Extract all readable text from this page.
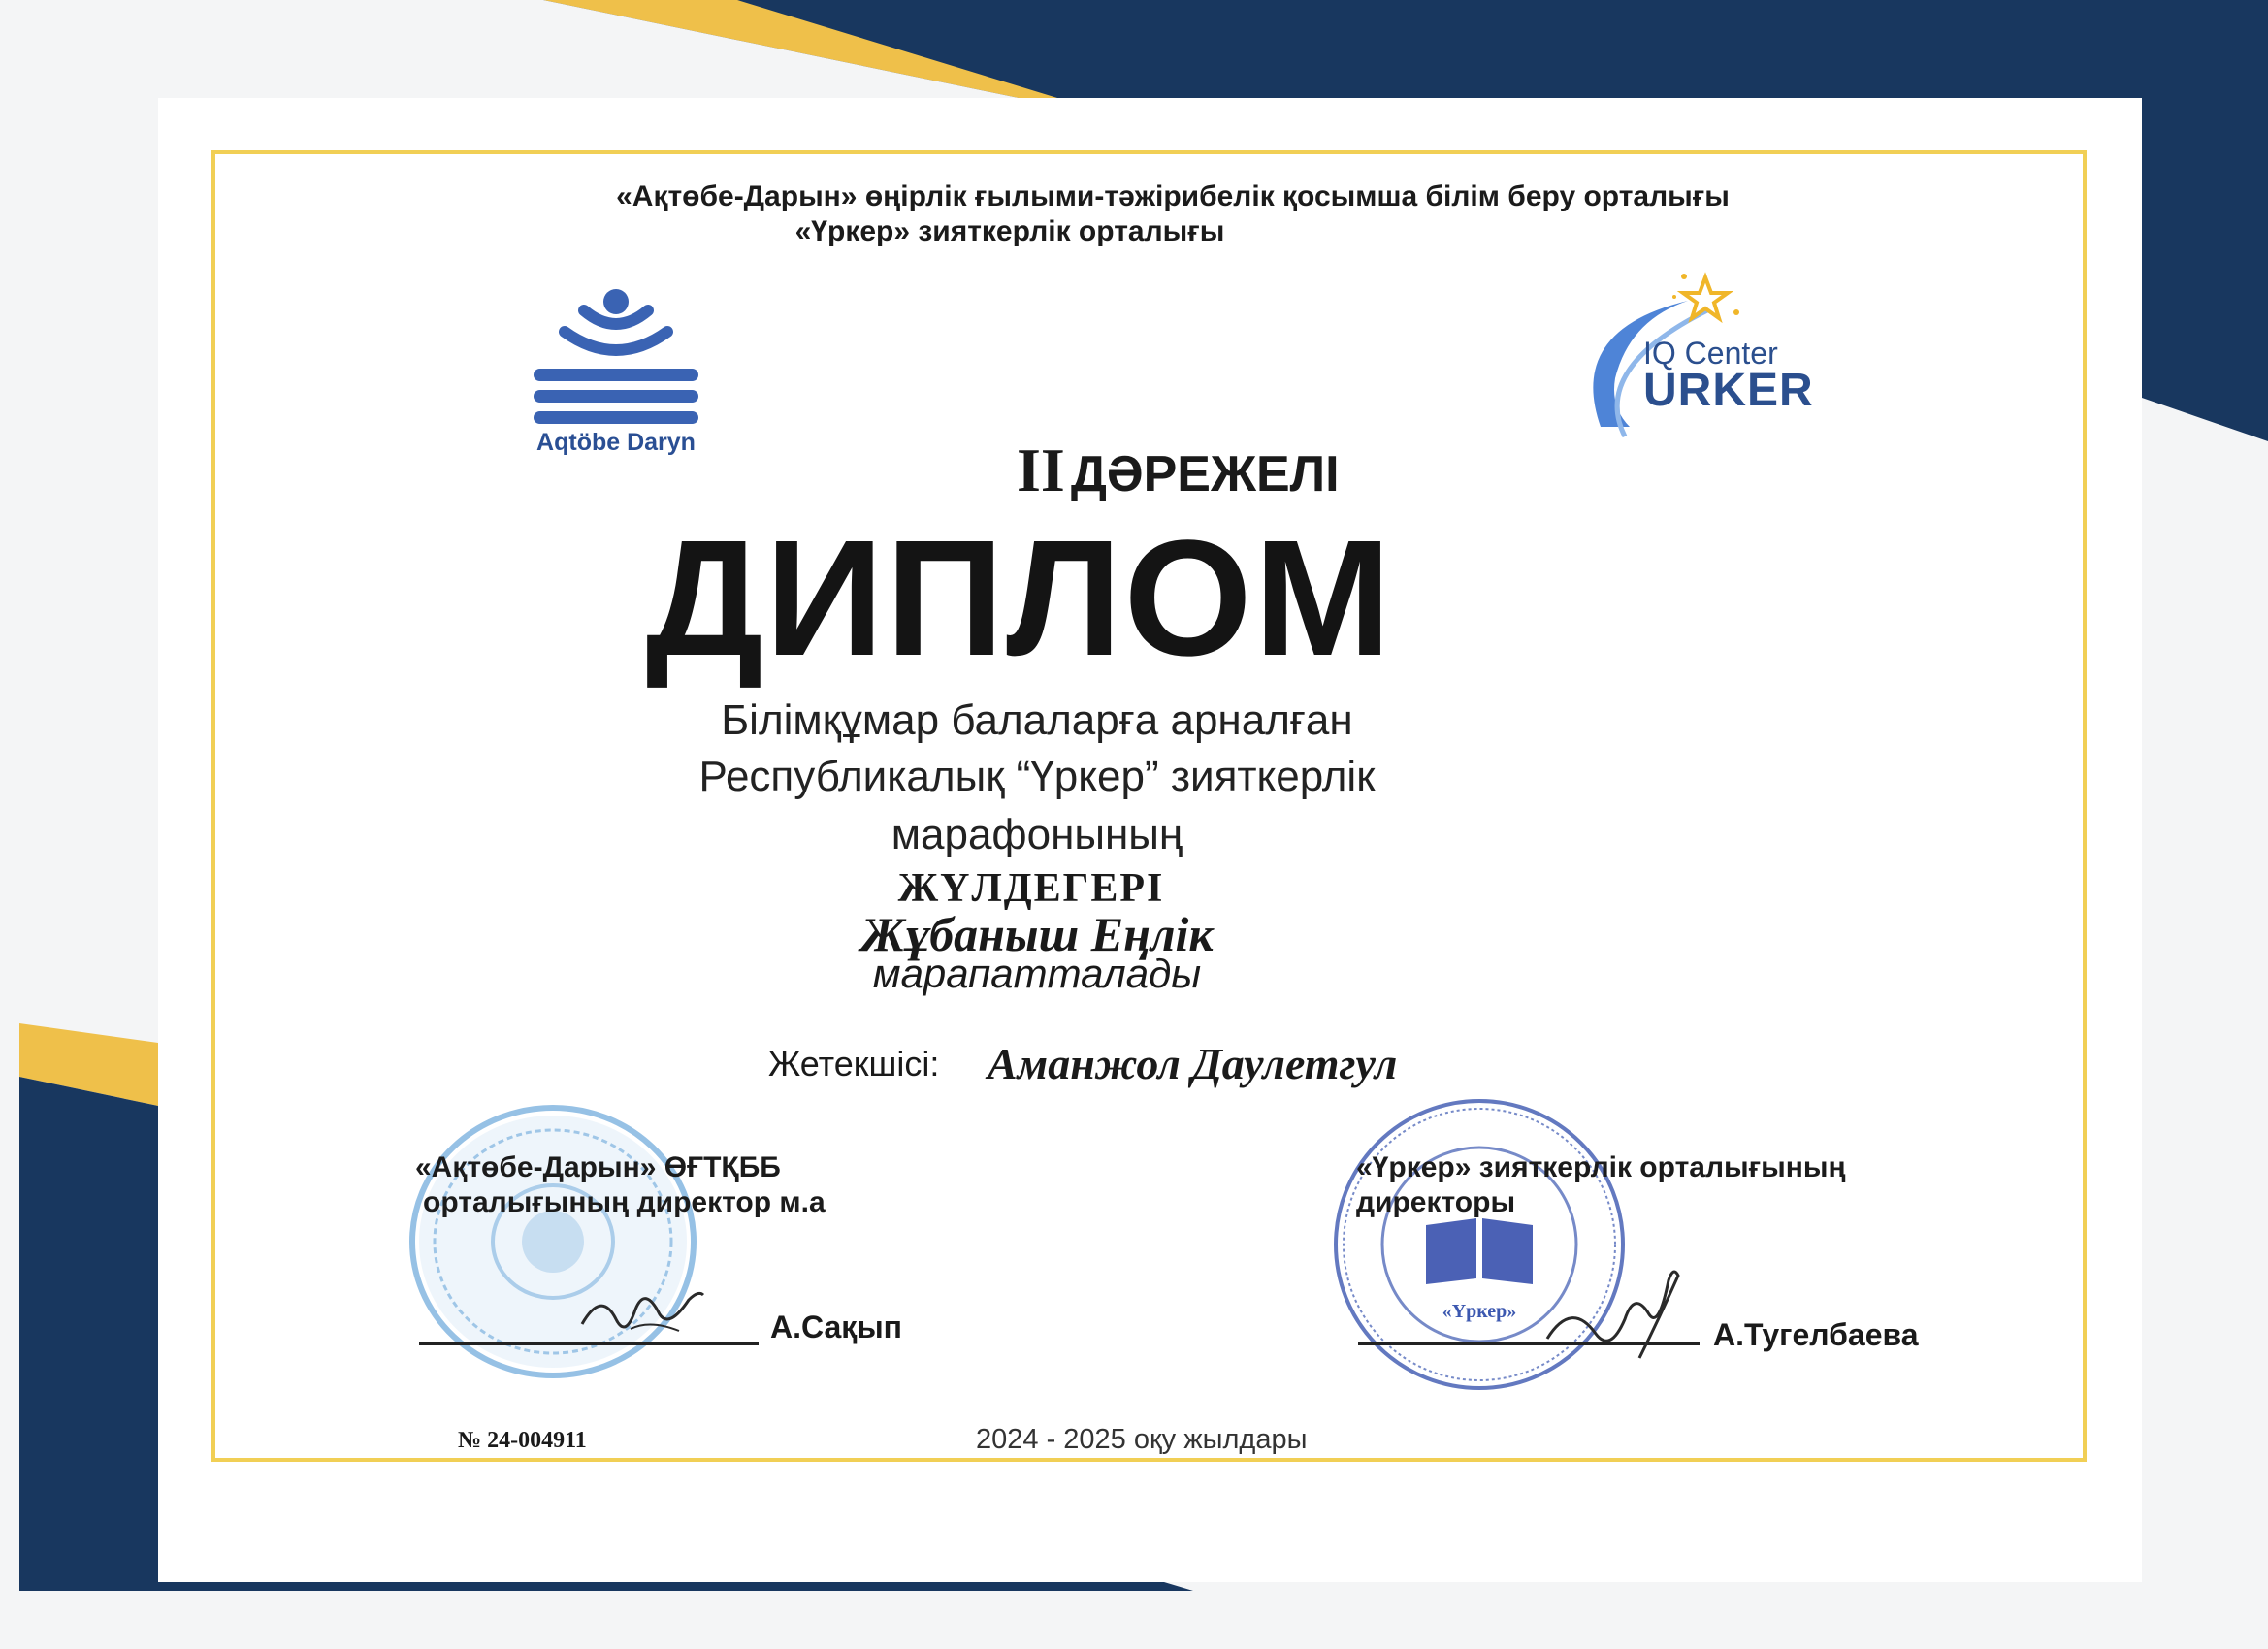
«Ақтөбе-Дарын» өңірлік ғылыми-тәжірибелік қосымша білім беру орталығы
«Үркер» зияткерлік орталығы
Aqtöbe Daryn
IQ Center
URKER
II ДӘРЕЖЕЛІ
ДИПЛОМ
Білімқұмар балаларға арналған
Республикалық “Үркер” зияткерлік
марафонының
ЖҮЛДЕГЕРІ
Жұбаныш Еңлік
марапатталады
Жетекшісі: Аманжол Даулетгул
«Үркер»
«Ақтөбе-Дарын» ӨҒТҚББ
орталығының директор м.а
«Үркер» зияткерлік орталығының
директоры
А.Сақып	А.Тугелбаева
№ 24-004911	2024 - 2025 оқу жылдары
